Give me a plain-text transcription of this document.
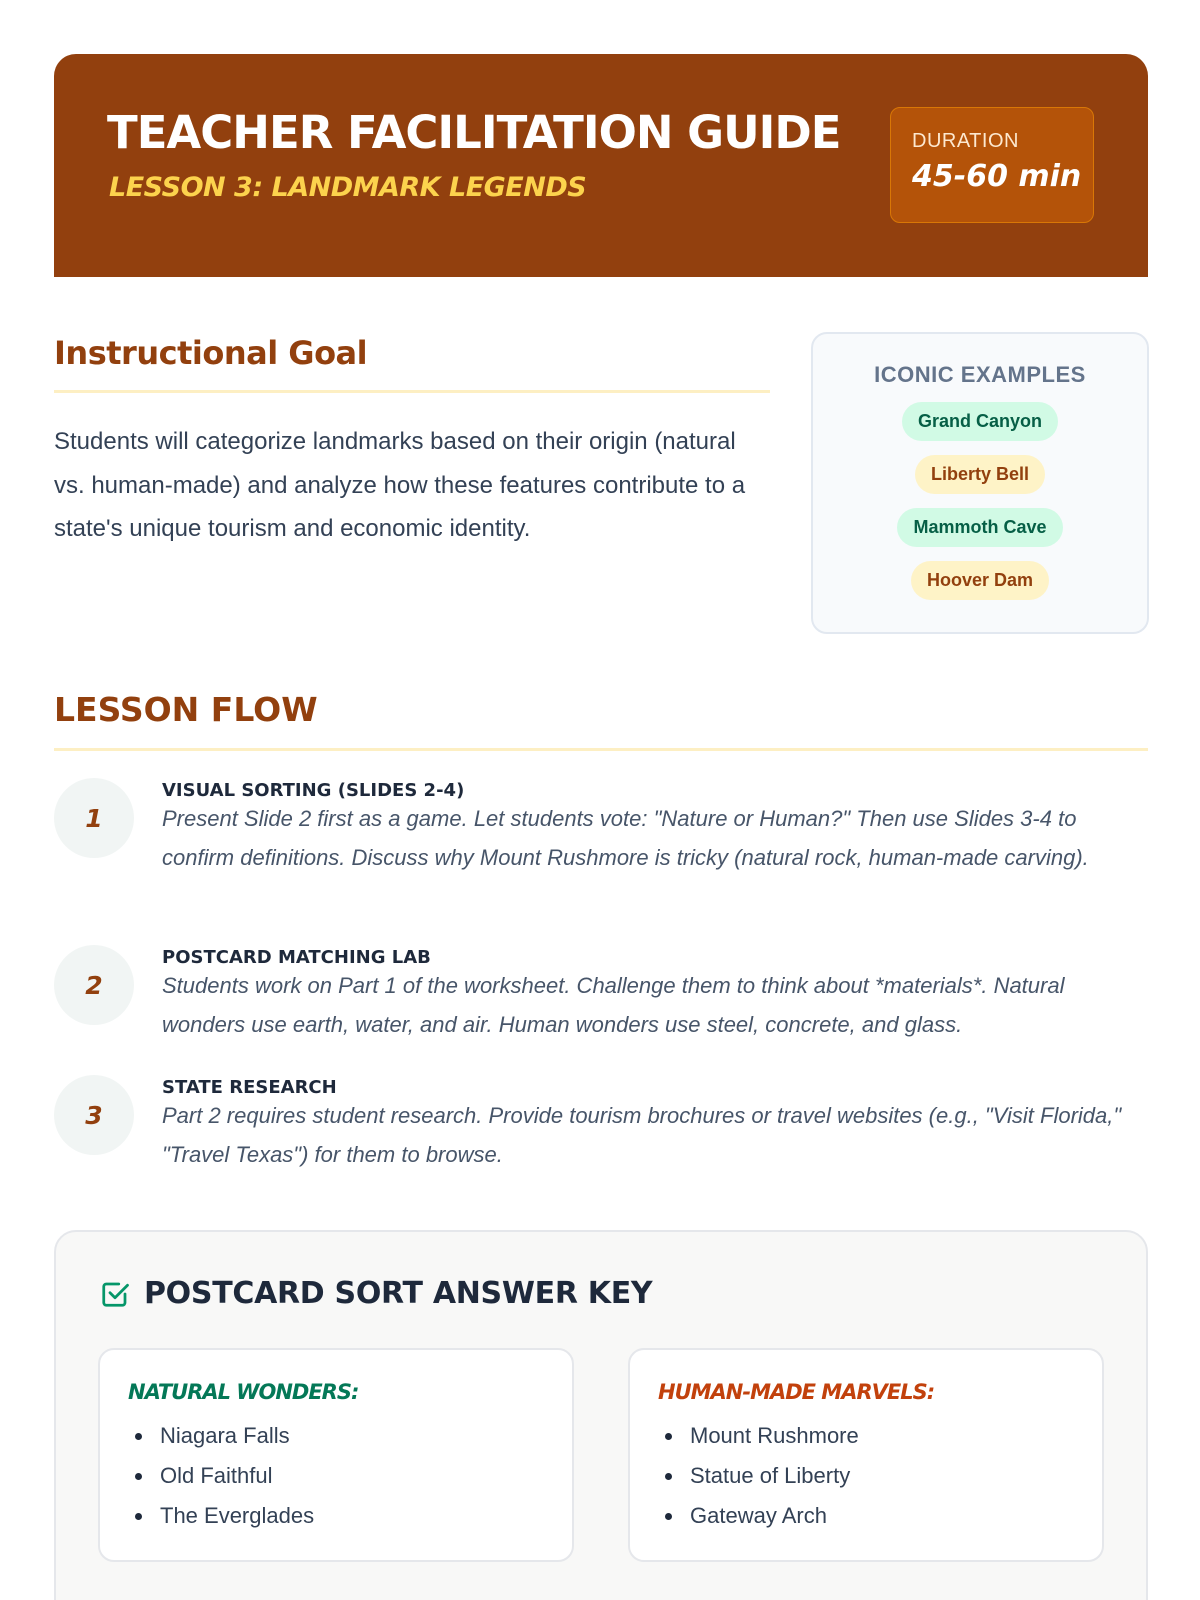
TEACHER FACILITATION GUIDE
LESSON 3: LANDMARK LEGENDS
DURATION
45-60 min
Instructional Goal

Students will categorize landmarks based on their origin (natural vs. human-made) and analyze how these features contribute to a state's unique tourism and economic identity.

ICONIC EXAMPLES
Grand Canyon
Liberty Bell
Mammoth Cave
Hoover Dam
LESSON FLOW
1
VISUAL SORTING (SLIDES 2-4)

Present Slide 2 first as a game. Let students vote: "Nature or Human?" Then use Slides 3-4 to confirm definitions. Discuss why Mount Rushmore is tricky (natural rock, human-made carving).

2
POSTCARD MATCHING LAB

Students work on Part 1 of the worksheet. Challenge them to think about *materials*. Natural wonders use earth, water, and air. Human wonders use steel, concrete, and glass.

3
STATE RESEARCH

Part 2 requires student research. Provide tourism brochures or travel websites (e.g., "Visit Florida," "Travel Texas") for them to browse.

POSTCARD SORT ANSWER KEY
NATURAL WONDERS:
Niagara Falls
Old Faithful
The Everglades
HUMAN-MADE MARVELS:
Mount Rushmore
Statue of Liberty
Gateway Arch
